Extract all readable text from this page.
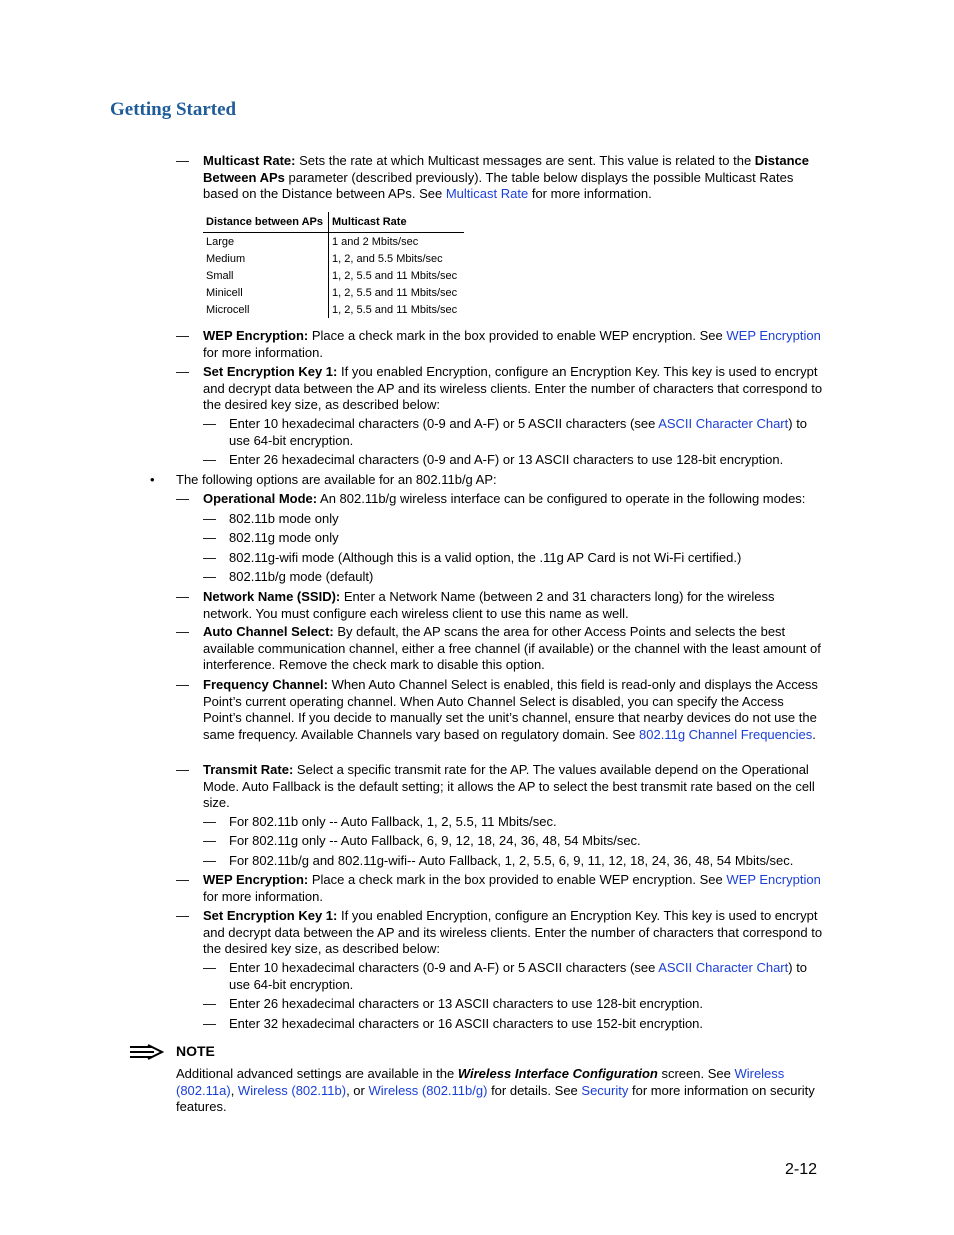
Getting Started
—	Multicast Rate: Sets the rate at which Multicast messages are sent. This value is related to the Distance Between APs parameter (described previously). The table below displays the possible Multicast Rates based on the Distance between APs. See Multicast Rate for more information.
Distance between APs	Multicast Rate
Large	1 and 2 Mbits/sec
Medium	1, 2, and 5.5 Mbits/sec
Small	1, 2, 5.5 and 11 Mbits/sec
Minicell	1, 2, 5.5 and 11 Mbits/sec
Microcell	1, 2, 5.5 and 11 Mbits/sec
—	WEP Encryption: Place a check mark in the box provided to enable WEP encryption. See WEP Encryption for more information.
—	Set Encryption Key 1: If you enabled Encryption, configure an Encryption Key. This key is used to encrypt and decrypt data between the AP and its wireless clients. Enter the number of characters that correspond to the desired key size, as described below:
—	Enter 10 hexadecimal characters (0-9 and A-F) or 5 ASCII characters (see ASCII Character Chart) to use 64-bit encryption.
—	Enter 26 hexadecimal characters (0-9 and A-F) or 13 ASCII characters to use 128-bit encryption.
• The following options are available for an 802.11b/g AP:
—	Operational Mode: An 802.11b/g wireless interface can be configured to operate in the following modes:
—	802.11b mode only
—	802.11g mode only
—	802.11g-wifi mode (Although this is a valid option, the .11g AP Card is not Wi-Fi certified.)
—	802.11b/g mode (default)
—	Network Name (SSID): Enter a Network Name (between 2 and 31 characters long) for the wireless network. You must configure each wireless client to use this name as well.
—	Auto Channel Select: By default, the AP scans the area for other Access Points and selects the best available communication channel, either a free channel (if available) or the channel with the least amount of interference. Remove the check mark to disable this option.
—	Frequency Channel: When Auto Channel Select is enabled, this field is read-only and displays the Access Point’s current operating channel. When Auto Channel Select is disabled, you can specify the Access Point’s channel. If you decide to manually set the unit’s channel, ensure that nearby devices do not use the same frequency. Available Channels vary based on regulatory domain. See 802.11g Channel Frequencies.
—	Transmit Rate: Select a specific transmit rate for the AP. The values available depend on the Operational Mode. Auto Fallback is the default setting; it allows the AP to select the best transmit rate based on the cell size.
—	For 802.11b only -- Auto Fallback, 1, 2, 5.5, 11 Mbits/sec.
—	For 802.11g only -- Auto Fallback, 6, 9, 12, 18, 24, 36, 48, 54 Mbits/sec.
—	For 802.11b/g and 802.11g-wifi-- Auto Fallback, 1, 2, 5.5, 6, 9, 11, 12, 18, 24, 36, 48, 54 Mbits/sec.
—	WEP Encryption: Place a check mark in the box provided to enable WEP encryption. See WEP Encryption for more information.
—	Set Encryption Key 1: If you enabled Encryption, configure an Encryption Key. This key is used to encrypt and decrypt data between the AP and its wireless clients. Enter the number of characters that correspond to the desired key size, as described below:
—	Enter 10 hexadecimal characters (0-9 and A-F) or 5 ASCII characters (see ASCII Character Chart) to use 64-bit encryption.
—	Enter 26 hexadecimal characters or 13 ASCII characters to use 128-bit encryption.
—	Enter 32 hexadecimal characters or 16 ASCII characters to use 152-bit encryption.
NOTE
Additional advanced settings are available in the Wireless Interface Configuration screen. See Wireless (802.11a), Wireless (802.11b), or Wireless (802.11b/g) for details. See Security for more information on security features.
2-12
